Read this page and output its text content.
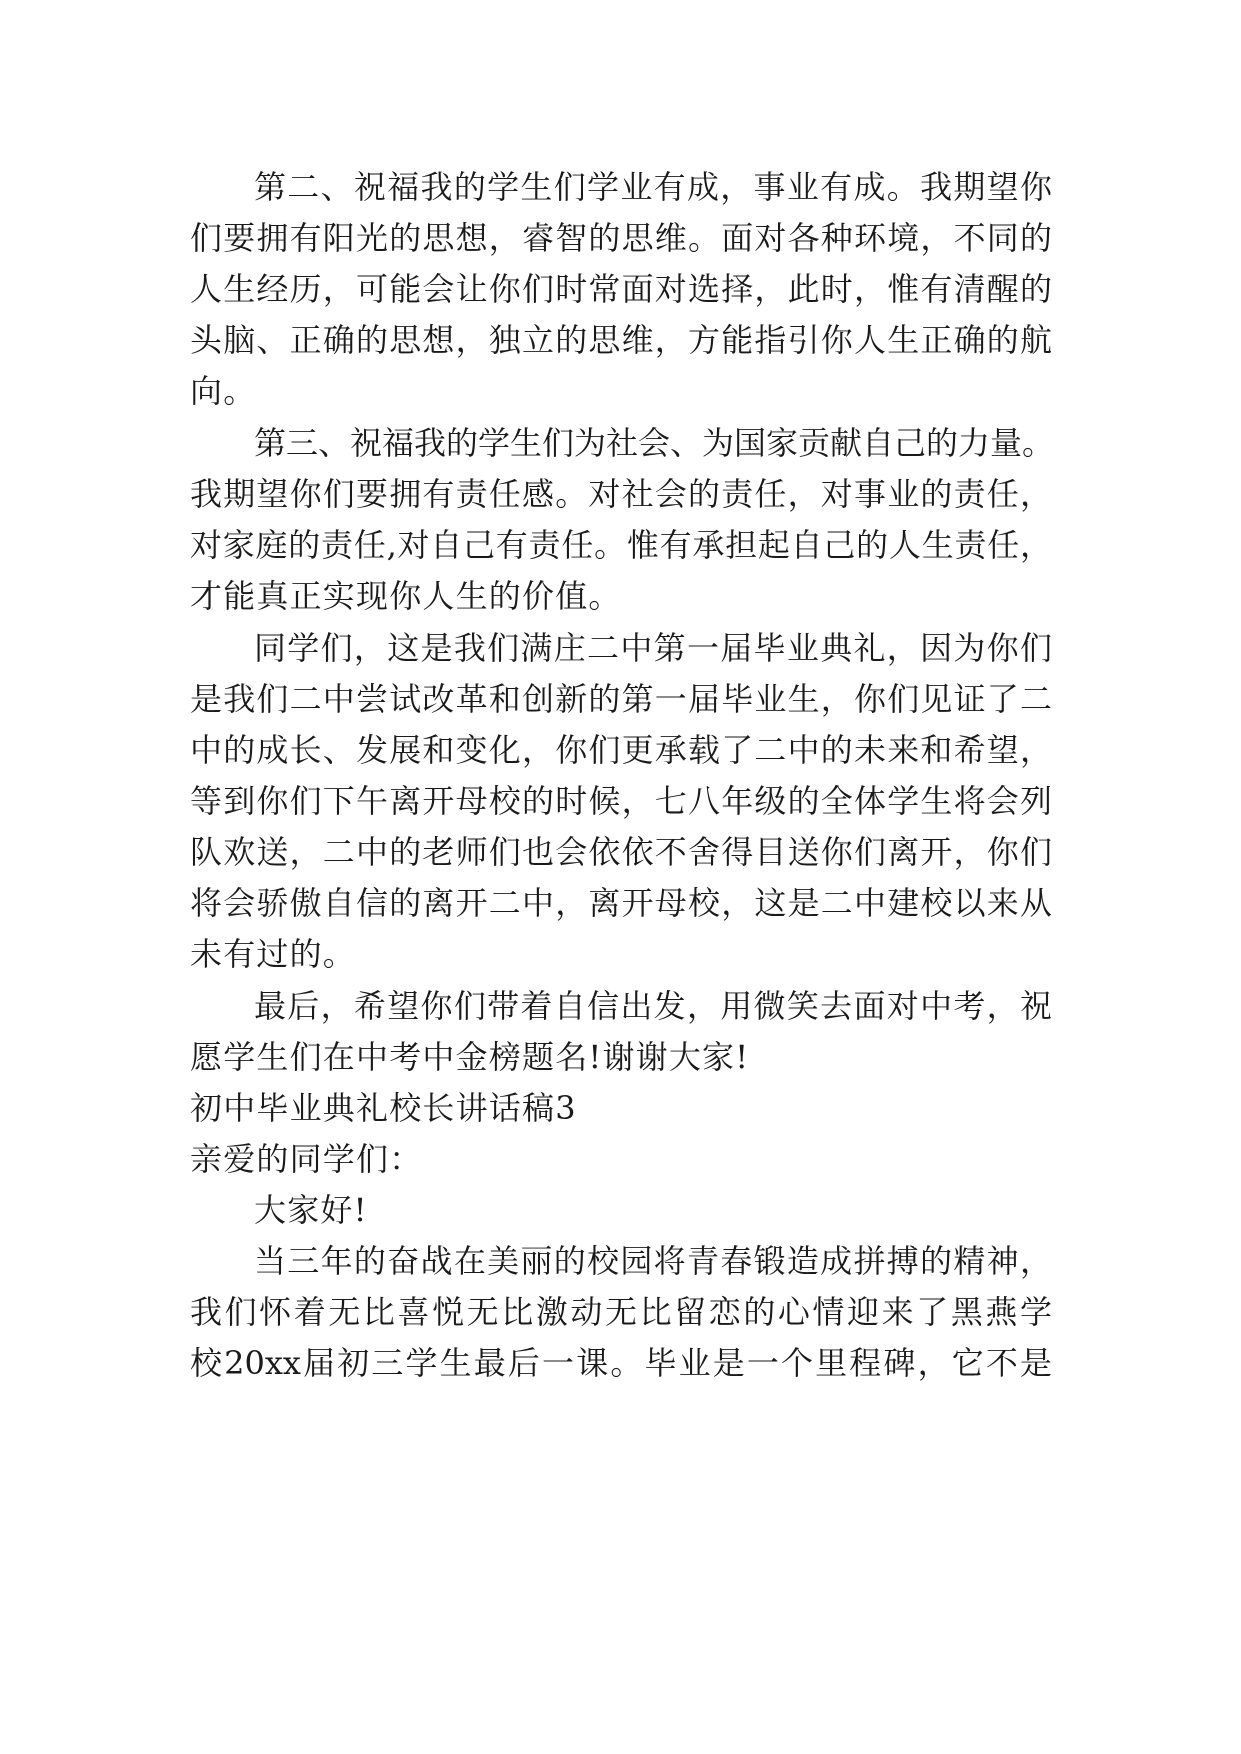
第二、祝福我的学生们学业有成，事业有成。我期望你
们要拥有阳光的思想，睿智的思维。面对各种环境，不同的
人生经历，可能会让你们时常面对选择，此时，惟有清醒的
头脑、正确的思想，独立的思维，方能指引你人生正确的航
向。
第三、祝福我的学生们为社会、为国家贡献自己的力量。
我期望你们要拥有责任感。对社会的责任，对事业的责任，
对家庭的责任,对自己有责任。惟有承担起自己的人生责任，
才能真正实现你人生的价值。
同学们，这是我们满庄二中第一届毕业典礼，因为你们
是我们二中尝试改革和创新的第一届毕业生，你们见证了二
中的成长、发展和变化，你们更承载了二中的未来和希望，
等到你们下午离开母校的时候，七八年级的全体学生将会列
队欢送，二中的老师们也会依依不舍得目送你们离开，你们
将会骄傲自信的离开二中，离开母校，这是二中建校以来从
未有过的。
最后，希望你们带着自信出发，用微笑去面对中考，祝
愿学生们在中考中金榜题名!谢谢大家!
初中毕业典礼校长讲话稿3
亲爱的同学们：
大家好!
当三年的奋战在美丽的校园将青春锻造成拼搏的精神，
我们怀着无比喜悦无比激动无比留恋的心情迎来了黑燕学
校20xx届初三学生最后一课。毕业是一个里程碑，它不是
